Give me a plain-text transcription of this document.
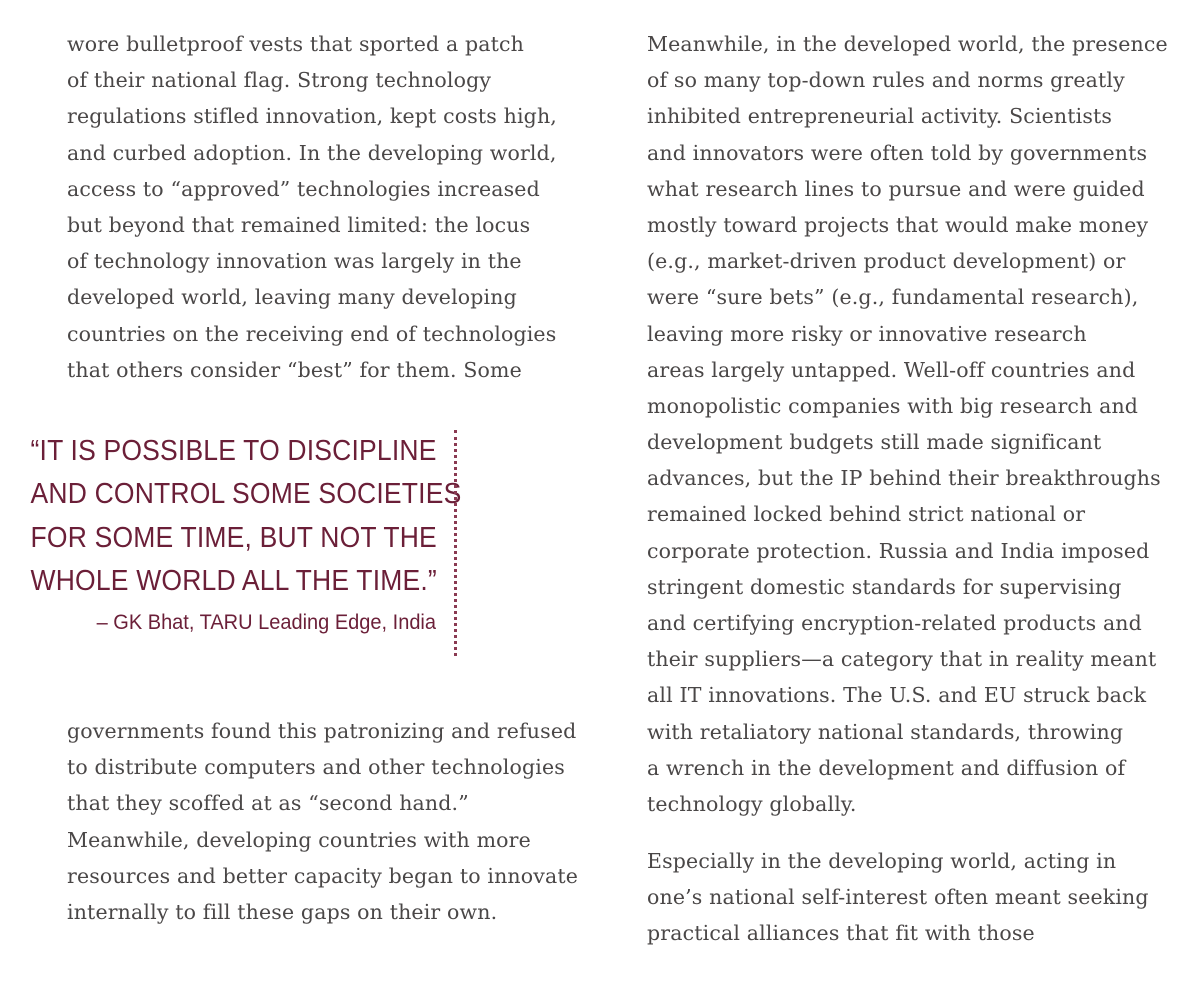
wore bulletproof vests that sported a patch
of their national flag. Strong technology
regulations stifled innovation, kept costs high,
and curbed adoption. In the developing world,
access to “approved” technologies increased
but beyond that remained limited: the locus
of technology innovation was largely in the
developed world, leaving many developing
countries on the receiving end of technologies
that others consider “best” for them. Some

“IT IS POSSIBLE TO DISCIPLINE
AND CONTROL SOME SOCIETIES
FOR SOME TIME, BUT NOT THE
WHOLE WORLD ALL THE TIME.”
– GK Bhat, TARU Leading Edge, India

governments found this patronizing and refused
to distribute computers and other technologies
that they scoffed at as “second hand.”
Meanwhile, developing countries with more
resources and better capacity began to innovate
internally to fill these gaps on their own.

Meanwhile, in the developed world, the presence
of so many top-down rules and norms greatly
inhibited entrepreneurial activity. Scientists
and innovators were often told by governments
what research lines to pursue and were guided
mostly toward projects that would make money
(e.g., market-driven product development) or
were “sure bets” (e.g., fundamental research),
leaving more risky or innovative research
areas largely untapped. Well-off countries and
monopolistic companies with big research and
development budgets still made significant
advances, but the IP behind their breakthroughs
remained locked behind strict national or
corporate protection. Russia and India imposed
stringent domestic standards for supervising
and certifying encryption-related products and
their suppliers—a category that in reality meant
all IT innovations. The U.S. and EU struck back
with retaliatory national standards, throwing
a wrench in the development and diffusion of
technology globally.

Especially in the developing world, acting in
one’s national self-interest often meant seeking
practical alliances that fit with those
